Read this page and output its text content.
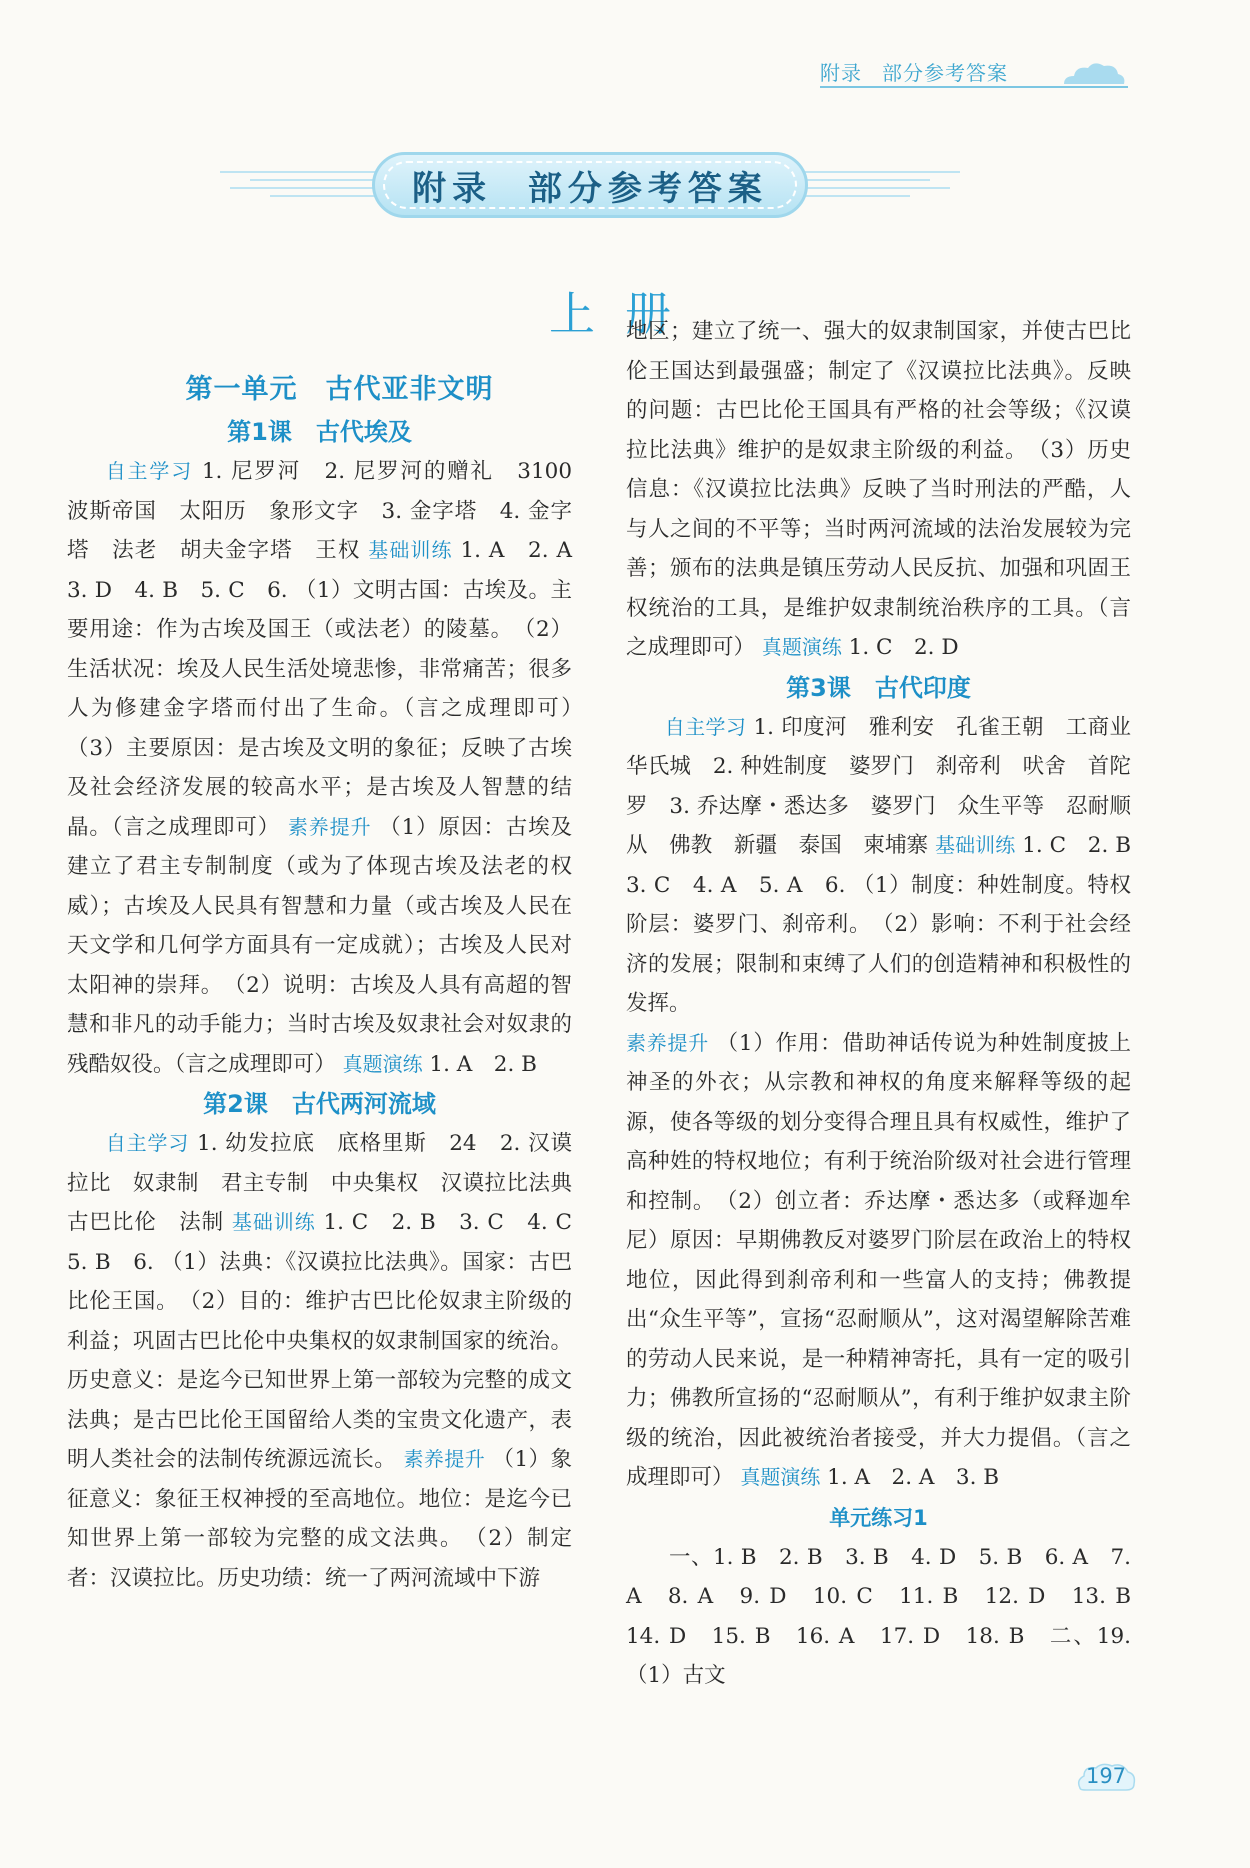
附录 部分参考答案
附录  部分参考答案
上册
第一单元　古代亚非文明
第1课　古代埃及

自主学习 1. 尼罗河　2. 尼罗河的赠礼　3100　波斯帝国　太阳历　象形文字　3. 金字塔　4. 金字塔　法老　胡夫金字塔　王权 基础训练 1. A　2. A　3. D　4. B　5. C　6. （1）文明古国：古埃及。主要用途：作为古埃及国王（或法老）的陵墓。　（2）生活状况：埃及人民生活处境悲惨，非常痛苦；很多人为修建金字塔而付出了生命。（言之成理即可）　（3）主要原因：是古埃及文明的象征；反映了古埃及社会经济发展的较高水平；是古埃及人智慧的结晶。（言之成理即可） 素养提升 （1）原因：古埃及建立了君主专制制度（或为了体现古埃及法老的权威）；古埃及人民具有智慧和力量（或古埃及人民在天文学和几何学方面具有一定成就）；古埃及人民对太阳神的崇拜。　（2）说明：古埃及人具有高超的智慧和非凡的动手能力；当时古埃及奴隶社会对奴隶的残酷奴役。（言之成理即可） 真题演练 1. A　2. B

第2课　古代两河流域

自主学习 1. 幼发拉底　底格里斯　24　2. 汉谟拉比　奴隶制　君主专制　中央集权　汉谟拉比法典　古巴比伦　法制 基础训练 1. C　2. B　3. C　4. C　5. B　6. （1）法典：《汉谟拉比法典》。国家：古巴比伦王国。　（2）目的：维护古巴比伦奴隶主阶级的利益；巩固古巴比伦中央集权的奴隶制国家的统治。历史意义：是迄今已知世界上第一部较为完整的成文法典；是古巴比伦王国留给人类的宝贵文化遗产，表明人类社会的法制传统源远流长。 素养提升 （1）象征意义：象征王权神授的至高地位。地位：是迄今已知世界上第一部较为完整的成文法典。　（2）制定者：汉谟拉比。历史功绩：统一了两河流域中下游

地区；建立了统一、强大的奴隶制国家，并使古巴比伦王国达到最强盛；制定了《汉谟拉比法典》。反映的问题：古巴比伦王国具有严格的社会等级；《汉谟拉比法典》维护的是奴隶主阶级的利益。　（3）历史信息：《汉谟拉比法典》反映了当时刑法的严酷，人与人之间的不平等；当时两河流域的法治发展较为完善；颁布的法典是镇压劳动人民反抗、加强和巩固王权统治的工具，是维护奴隶制统治秩序的工具。（言之成理即可） 真题演练 1. C　2. D

第3课　古代印度

自主学习 1. 印度河　雅利安　孔雀王朝　工商业　华氏城　2. 种姓制度　婆罗门　刹帝利　吠舍　首陀罗　3. 乔达摩・悉达多　婆罗门　众生平等　忍耐顺从　佛教　新疆　泰国　柬埔寨 基础训练 1. C　2. B　3. C　4. A　5. A　6. （1）制度：种姓制度。特权阶层：婆罗门、刹帝利。　（2）影响：不利于社会经济的发展；限制和束缚了人们的创造精神和积极性的发挥。

素养提升 （1）作用：借助神话传说为种姓制度披上神圣的外衣；从宗教和神权的角度来解释等级的起源，使各等级的划分变得合理且具有权威性，维护了高种姓的特权地位；有利于统治阶级对社会进行管理和控制。　（2）创立者：乔达摩・悉达多（或释迦牟尼）原因：早期佛教反对婆罗门阶层在政治上的特权地位，因此得到刹帝利和一些富人的支持；佛教提出“众生平等”，宣扬“忍耐顺从”，这对渴望解除苦难的劳动人民来说，是一种精神寄托，具有一定的吸引力；佛教所宣扬的“忍耐顺从”，有利于维护奴隶主阶级的统治，因此被统治者接受，并大力提倡。（言之成理即可） 真题演练 1. A　2. A　3. B

单元练习1

一、1. B　2. B　3. B　4. D　5. B　6. A　7. A　8. A　9. D　10. C　11. B　12. D　13. B　14. D　15. B　16. A　17. D　18. B　二、19. （1）古文

197
